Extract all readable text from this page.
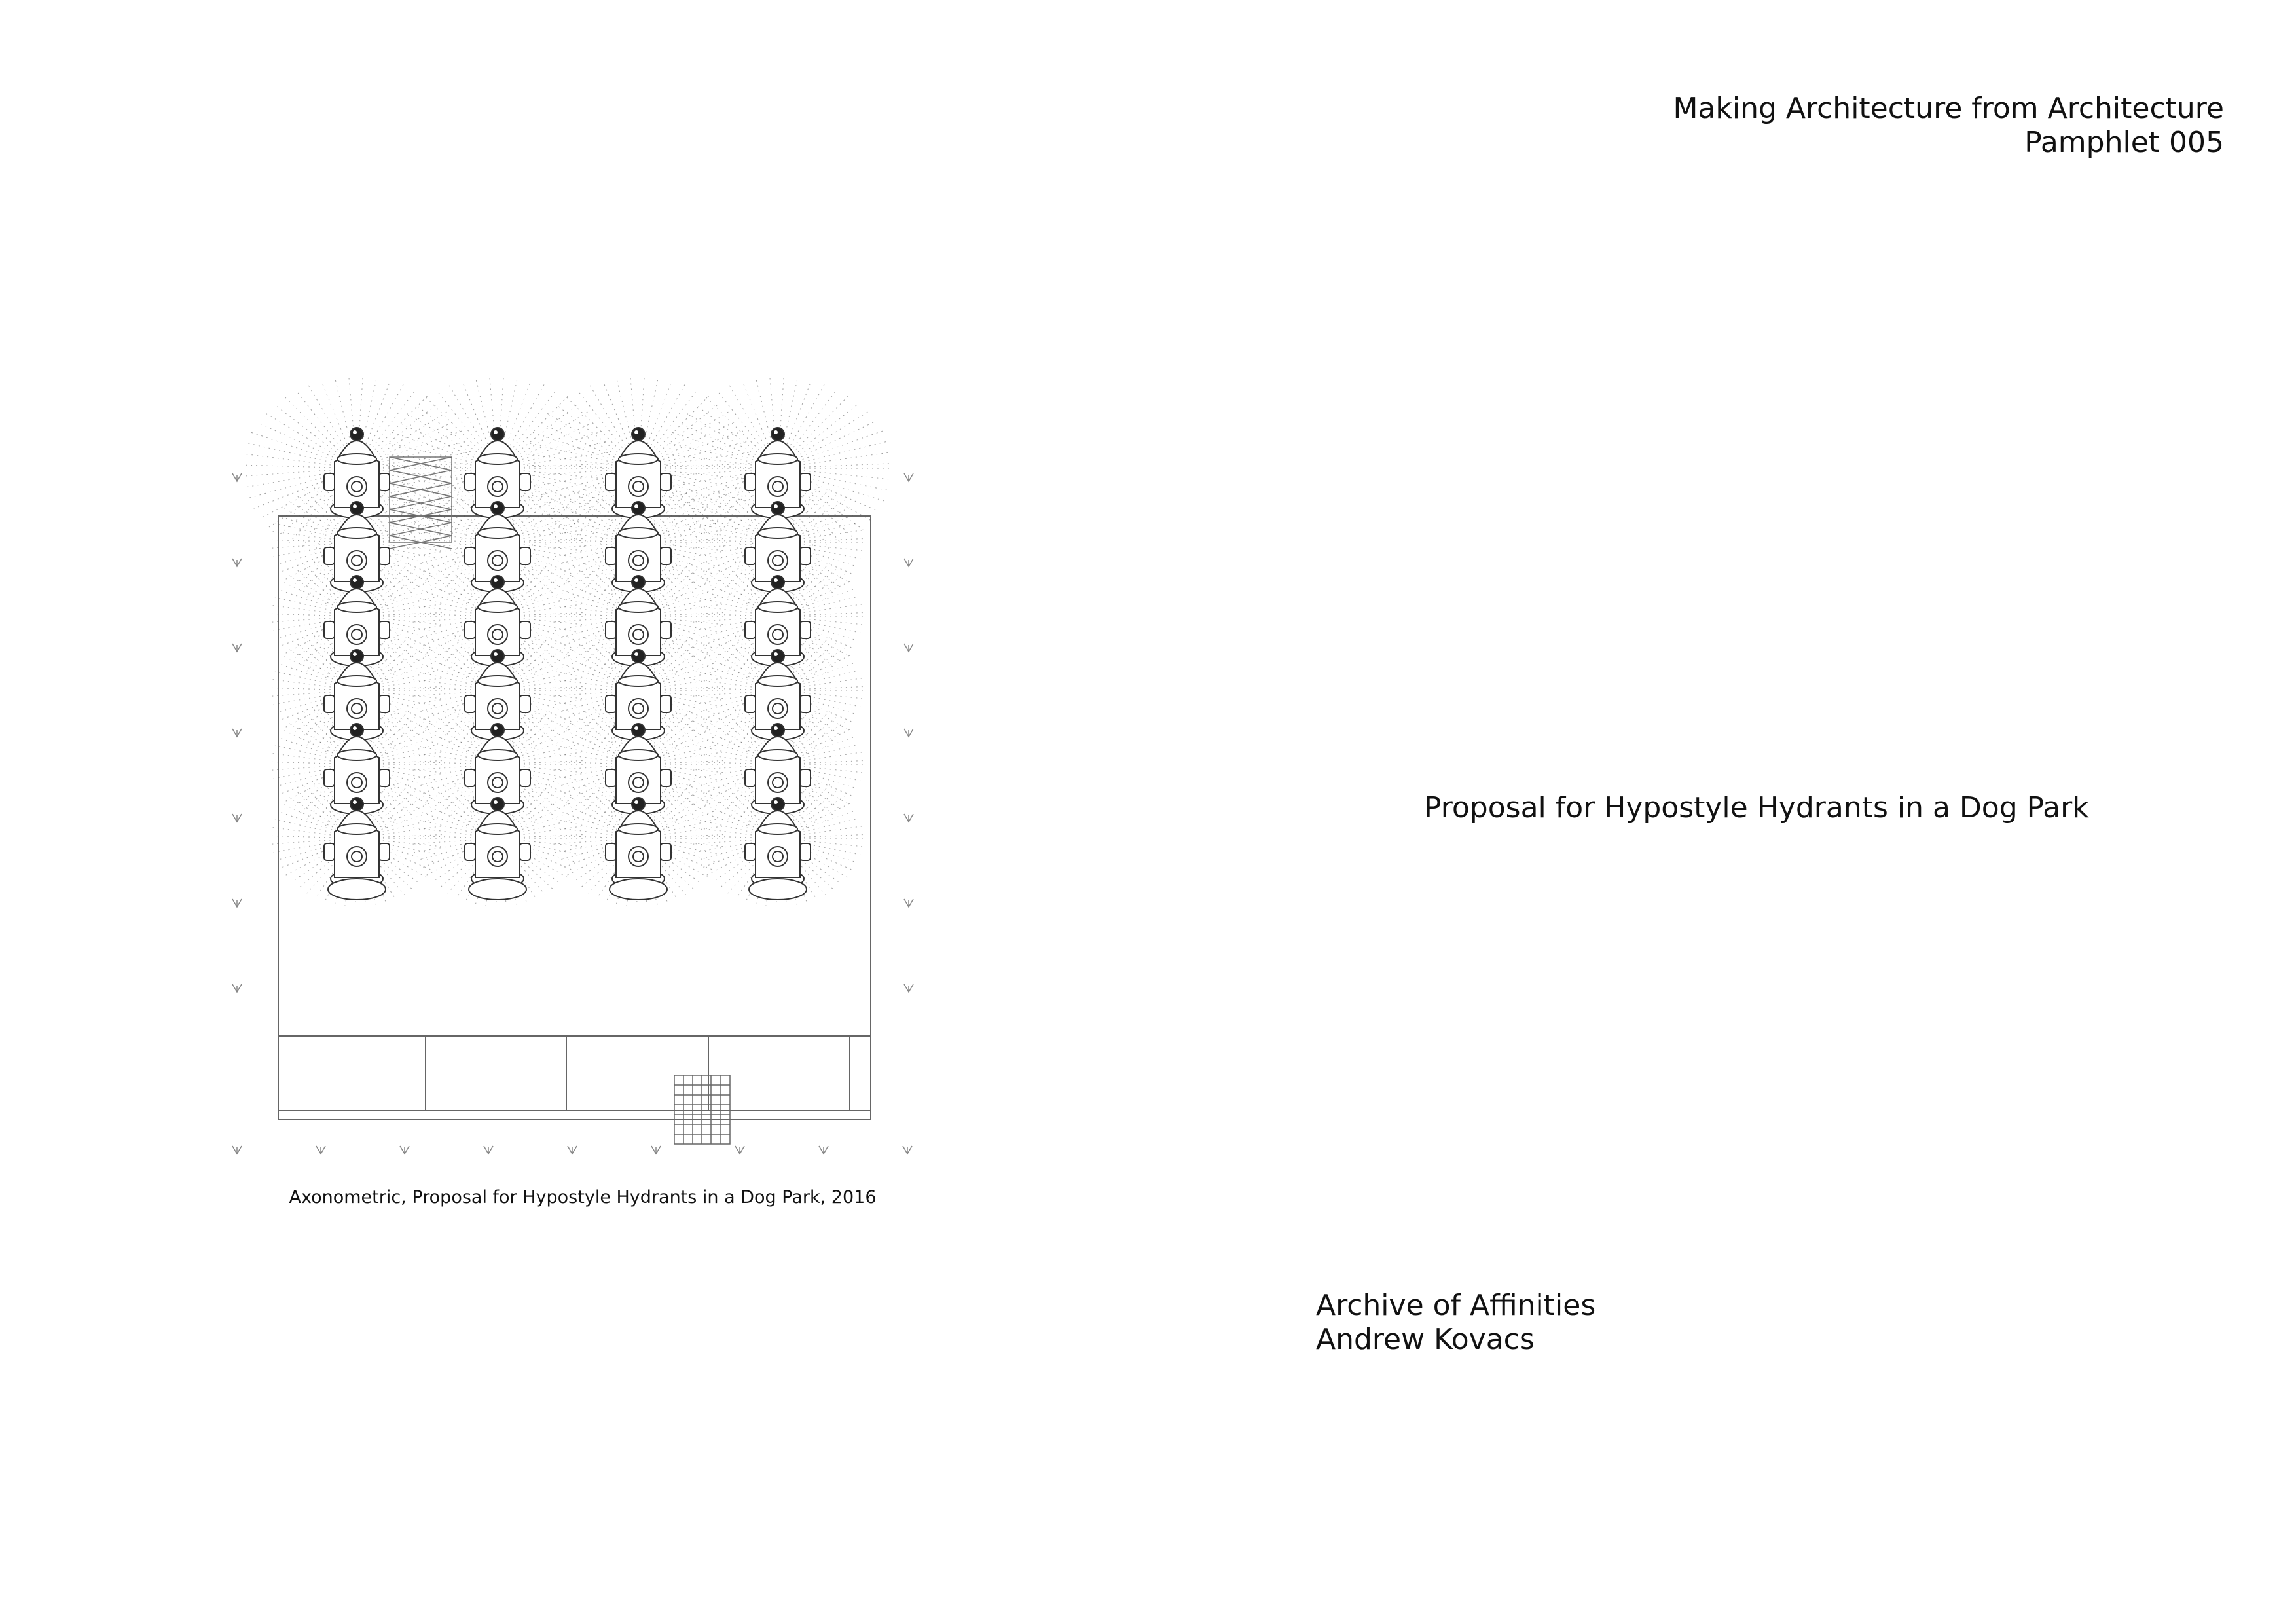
Making Architecture from Architecture
Pamphlet 005

Axonometric, Proposal for Hypostyle Hydrants in a Dog Park, 2016

Proposal for Hypostyle Hydrants in a Dog Park
Archive of Affinities
Andrew Kovacs
